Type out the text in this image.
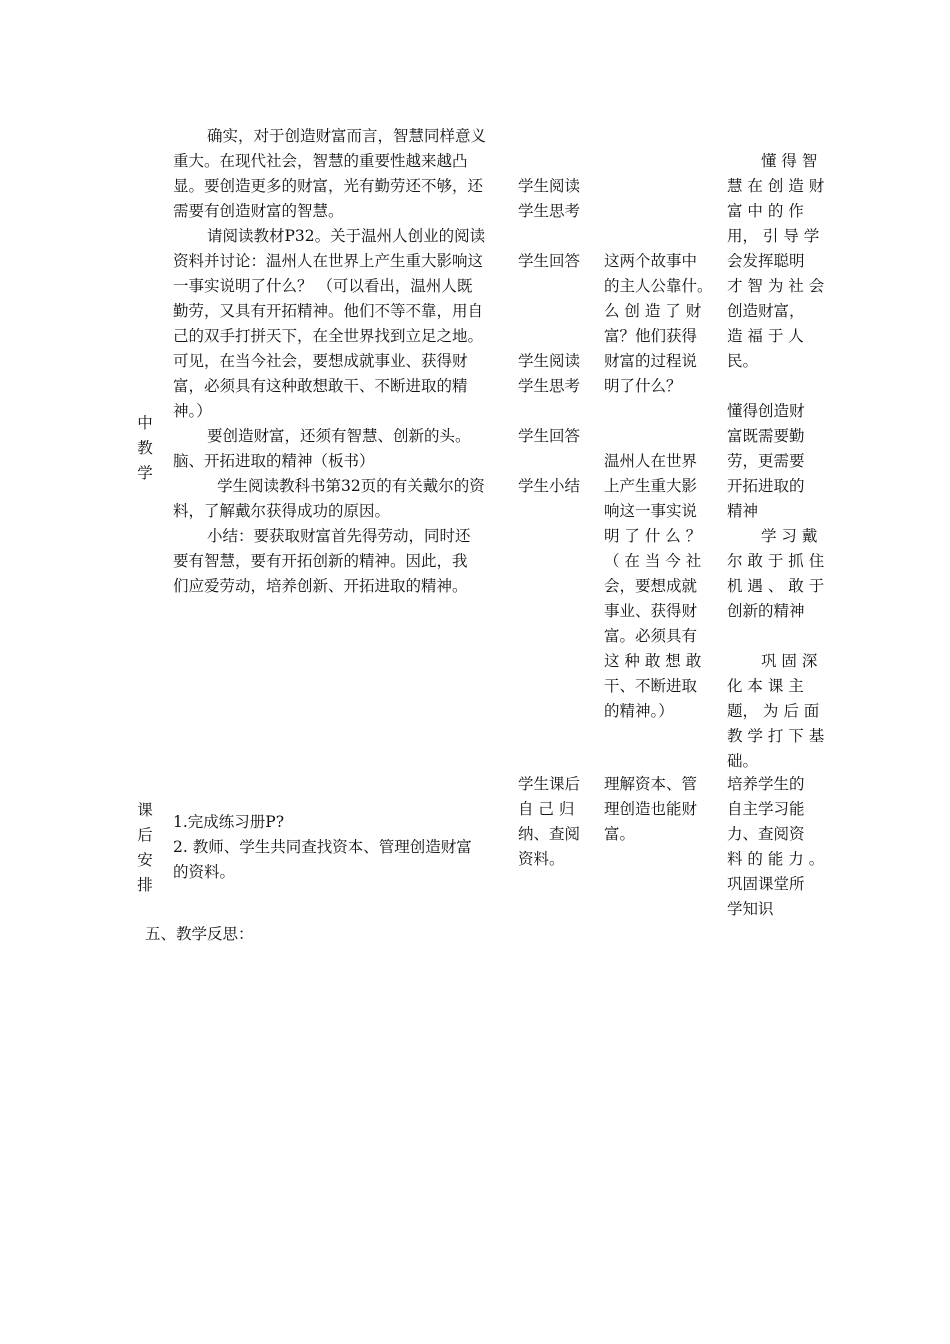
中
教
学
确实，对于创造财富而言，智慧同样意义
重大。在现代社会，智慧的重要性越来越凸
显。要创造更多的财富，光有勤劳还不够，还
需要有创造财富的智慧。
请阅读教材P32。关于温州人创业的阅读
资料并讨论：温州人在世界上产生重大影响这
一事实说明了什么？ （可以看出，温州人既
勤劳，又具有开拓精神。他们不等不靠，用自
己的双手打拼天下，在全世界找到立足之地。
可见，在当今社会，要想成就事业、获得财
富，必须具有这种敢想敢干、不断进取的精
神。）
要创造财富，还须有智慧、创新的头。
脑、开拓进取的精神（板书）
学生阅读教科书第32页的有关戴尔的资
料，了解戴尔获得成功的原因。
小结：要获取财富首先得劳动，同时还
要有智慧，要有开拓创新的精神。因此，我
们应爱劳动，培养创新、开拓进取的精神。
学生阅读
学生思考
学生回答
学生阅读
学生思考
学生回答
学生小结
这两个故事中
的主人公靠什。
么 创 造 了 财
富？他们获得
财富的过程说
明了什么？
温州人在世界
上产生重大影
响这一事实说
明 了 什 么 ？
（ 在 当 今 社
会，要想成就
事业、获得财
富。必须具有
这 种 敢 想 敢
干、不断进取
的精神。）
懂 得 智
慧 在 创 造 财
富 中 的 作
用， 引 导 学
会发挥聪明
才 智 为 社 会
创造财富，
造 福 于 人
民。
懂得创造财
富既需要勤
劳，更需要
开拓进取的
精神
学 习 戴
尔 敢 于 抓 住
机 遇 、 敢 于
创新的精神
巩 固 深
化 本 课 主
题， 为 后 面
教 学 打 下 基
础。
课
后
安
排
1.完成练习册P?
2. 教师、学生共同查找资本、管理创造财富
的资料。
学生课后
自 己 归
纳、查阅
资料。
理解资本、管
理创造也能财
富。
培养学生的
自主学习能
力、查阅资
料 的 能 力 。
巩固课堂所
学知识
五、教学反思：
